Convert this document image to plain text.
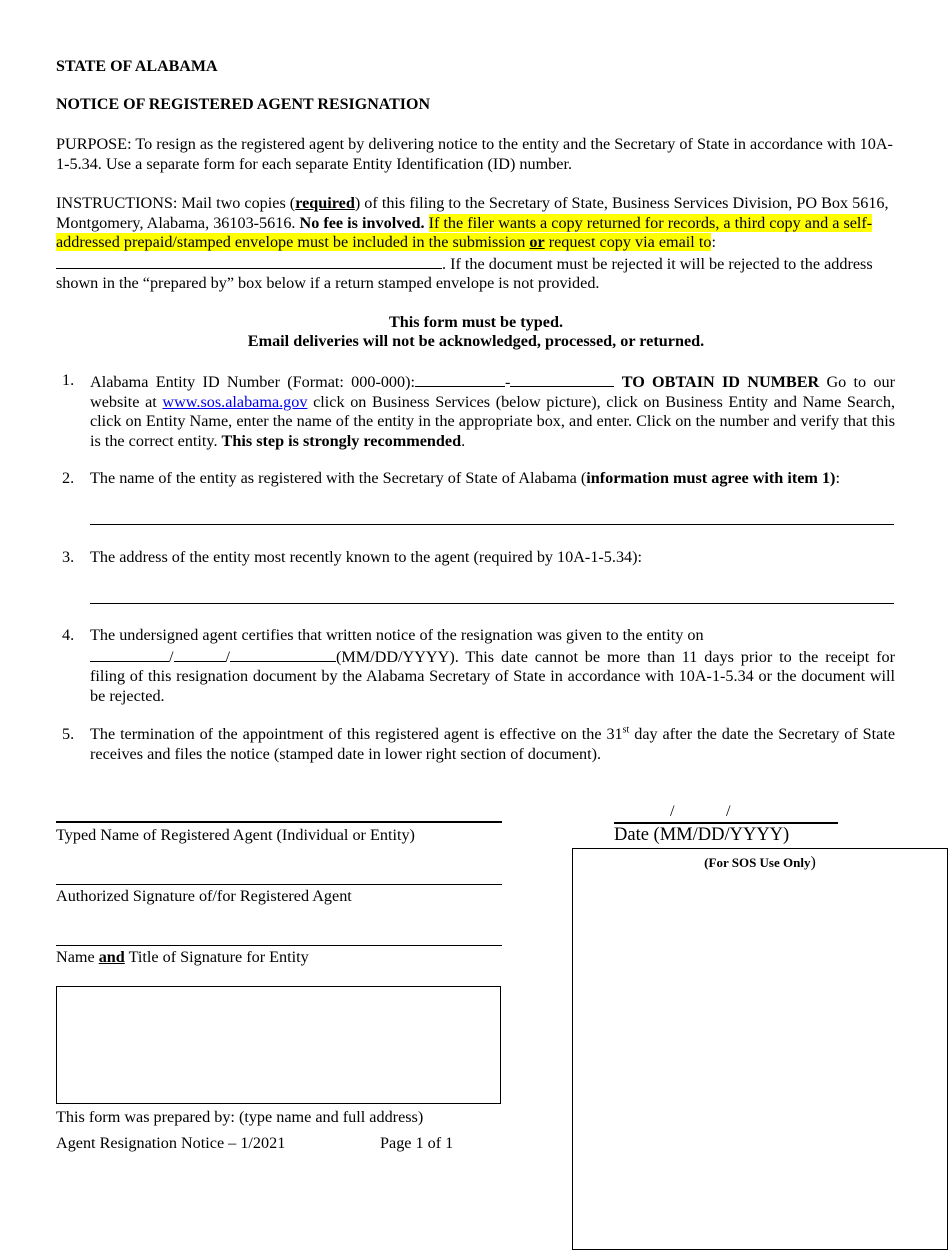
STATE OF ALABAMA
NOTICE OF REGISTERED AGENT RESIGNATION
PURPOSE: To resign as the registered agent by delivering notice to the entity and the Secretary of State in accordance with 10A-1-5.34. Use a separate form for each separate Entity Identification (ID) number.
INSTRUCTIONS: Mail two copies (required) of this filing to the Secretary of State, Business Services Division, PO Box 5616, Montgomery, Alabama, 36103-5616. No fee is involved. If the filer wants a copy returned for records, a third copy and a self-addressed prepaid/stamped envelope must be included in the submission or request copy via email to:
. If the document must be rejected it will be rejected to the address shown in the “prepared by” box below if a return stamped envelope is not provided.
This form must be typed.
Email deliveries will not be acknowledged, processed, or returned.
1. Alabama Entity ID Number (Format: 000-000):	-	TO OBTAIN ID NUMBER Go to our website at www.sos.alabama.gov click on Business Services (below picture), click on Business Entity and Name Search, click on Entity Name, enter the name of the entity in the appropriate box, and enter. Click on the number and verify that this is the correct entity. This step is strongly recommended.
2. The name of the entity as registered with the Secretary of State of Alabama (information must agree with item 1):
3. The address of the entity most recently known to the agent (required by 10A-1-5.34):
4. The undersigned agent certifies that written notice of the resignation was given to the entity on
/	/	(MM/DD/YYYY). This date cannot be more than 11 days prior to the receipt for filing of this resignation document by the Alabama Secretary of State in accordance with 10A-1-5.34 or the document will be rejected.
5. The termination of the appointment of this registered agent is effective on the 31st day after the date the Secretary of State receives and files the notice (stamped date in lower right section of document).
Typed Name of Registered Agent (Individual or Entity)
/	/
Date (MM/DD/YYYY)
Authorized Signature of/for Registered Agent
Name and Title of Signature for Entity
This form was prepared by: (type name and full address)
(For SOS Use Only)
Agent Resignation Notice – 1/2021	Page 1 of 1
